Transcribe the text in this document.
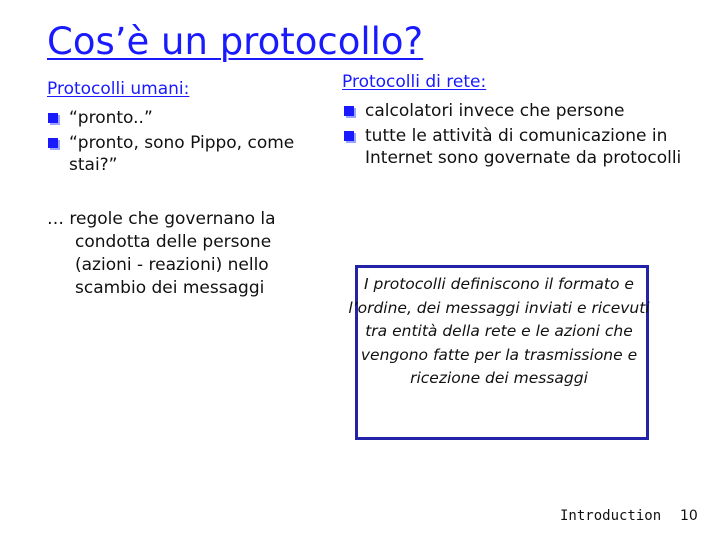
Cos’è un protocollo?
Protocolli umani:
“pronto..”
“pronto, sono Pippo, come stai?”
… regole che governano la condotta delle persone (azioni - reazioni) nello scambio dei messaggi
Protocolli di rete:
calcolatori invece che persone
tutte le attività di comunicazione in Internet sono governate da protocolli
I protocolli definiscono il formato e l’ordine, dei messaggi inviati e ricevuti tra entità della rete e le azioni che vengono fatte per la trasmissione e ricezione dei messaggi
Introduction 10
